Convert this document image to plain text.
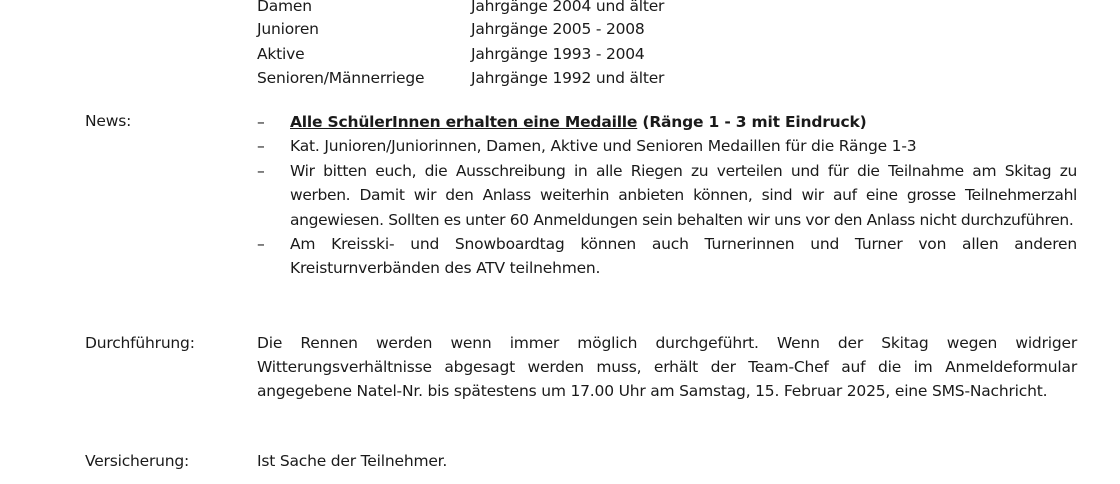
Damen	Jahrgänge 2004 und älter
Junioren	Jahrgänge 2005 - 2008
Aktive	Jahrgänge 1993 - 2004
Senioren/Männerriege	Jahrgänge 1992 und älter
News:	–	Alle SchülerInnen erhalten eine Medaille (Ränge 1 - 3 mit Eindruck)
–	Kat. Junioren/Juniorinnen, Damen, Aktive und Senioren Medaillen für die Ränge 1-3
–	Wir bitten euch, die Ausschreibung in alle Riegen zu verteilen und für die Teilnahme am Skitag zu werben. Damit wir den Anlass weiterhin anbieten können, sind wir auf eine grosse Teilnehmerzahl angewiesen. Sollten es unter 60 Anmeldungen sein behalten wir uns vor den Anlass nicht durchzuführen.
–	Am Kreisski- und Snowboardtag können auch Turnerinnen und Turner von allen anderen Kreisturnverbänden des ATV teilnehmen.
Durchführung:	Die Rennen werden wenn immer möglich durchgeführt. Wenn der Skitag wegen widriger Witterungsverhältnisse abgesagt werden muss, erhält der Team-Chef auf die im Anmeldeformular angegebene Natel-Nr. bis spätestens um 17.00 Uhr am Samstag, 15. Februar 2025, eine SMS-Nachricht.
Versicherung:	Ist Sache der Teilnehmer.
